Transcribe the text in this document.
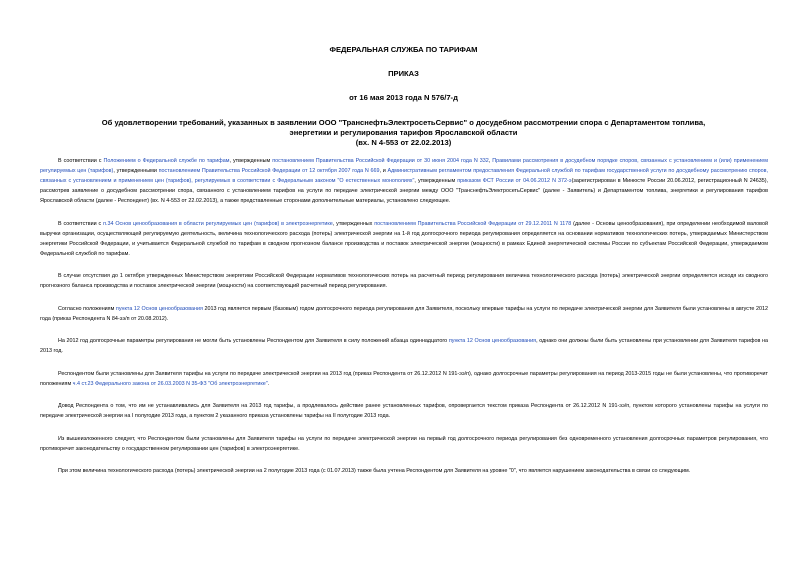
ФЕДЕРАЛЬНАЯ СЛУЖБА ПО ТАРИФАМ
ПРИКАЗ
от 16 мая 2013 года N 576/7-д
Об удовлетворении требований, указанных в заявлении ООО "ТранснефтьЭлектросетьСервис" о досудебном рассмотрении спора с Департаментом топлива,
энергетики и регулирования тарифов Ярославской области
(вх. N 4-553 от 22.02.2013)

В соответствии с Положением о Федеральной службе по тарифам, утвержденным постановлением Правительства Российской Федерации от 30 июня 2004 года N 332, Правилами рассмотрения в досудебном порядке споров, связанных с установлением и (или) применением регулируемых цен (тарифов), утвержденными постановлением Правительства Российской Федерации от 12 октября 2007 года N 669, и Административным регламентом предоставления Федеральной службой по тарифам государственной услуги по досудебному рассмотрению споров, связанных с установлением и применением цен (тарифов), регулируемых в соответствии с Федеральным законом "О естественных монополиях", утвержденным приказом ФСТ России от 04.06.2012 N 372-э(зарегистрирован в Минюсте России 20.06.2012, регистрационный N 24635), рассмотрев заявление о досудебном рассмотрении спора, связанного с установлением тарифов на услуги по передаче электрической энергии между ООО "ТранснефтьЭлектросетьСервис" (далее - Заявитель) и Департаментом топлива, энергетики и регулирования тарифов Ярославской области (далее - Респондент) (вх. N 4-553 от 22.02.2013), а также представленные сторонами дополнительные материалы, установлено следующее.

В соответствии с п.34 Основ ценообразования в области регулируемых цен (тарифов) в электроэнергетике, утвержденных постановлением Правительства Российской Федерации от 29.12.2011 N 1178 (далее - Основы ценообразования), при определении необходимой валовой выручки организации, осуществляющей регулируемую деятельность, величина технологического расхода (потерь) электрической энергии на 1-й год долгосрочного периода регулирования определяется на основании нормативов технологических потерь, утверждаемых Министерством энергетики Российской Федерации, и учитывается Федеральной службой по тарифам в сводном прогнозном балансе производства и поставок электрической энергии (мощности) в рамках Единой энергетической системы России по субъектам Российской Федерации, утверждаемом Федеральной службой по тарифам.

В случае отсутствия до 1 октября утвержденных Министерством энергетики Российской Федерации нормативов технологических потерь на расчетный период регулирования величина технологического расхода (потерь) электрической энергии определяется исходя из сводного прогнозного баланса производства и поставок электрической энергии (мощности) на соответствующий расчетный период регулирования.

Согласно положениям пункта 12 Основ ценообразования 2013 год является первым (базовым) годом долгосрочного периода регулирования для Заявителя, поскольку впервые тарифы на услуги по передаче электрической энергии для Заявителя были установлены в августе 2012 года (приказ Респондента N 84-ээ/п от 20.08.2012).

На 2012 год долгосрочные параметры регулирования не могли быть установлены Респондентом для Заявителя в силу положений абзаца одиннадцатого пункта 12 Основ ценообразования, однако они должны были быть установлены при установлении для Заявителя тарифов на 2013 год.

Респондентом были установлены для Заявителя тарифы на услуги по передаче электрической энергии на 2013 год (приказ Респондента от 26.12.2012 N 191-ээ/п), однако долгосрочные параметры регулирования на период 2013-2015 годы не были установлены, что противоречит положениям ч.4 ст.23 Федерального закона от 26.03.2003 N 35-ФЗ "Об электроэнергетике".

Довод Респондента о том, что им не устанавливались для Заявителя на 2013 год тарифы, а продлевалось действие ранее установленных тарифов, опровергается текстом приказа Респондента от 26.12.2012 N 191-ээ/п, пунктом которого установлены тарифы на услуги по передаче электрической энергии на I полугодие 2013 года, а пунктом 2 указанного приказа установлены тарифы на II полугодие 2013 года.

Из вышеизложенного следует, что Респондентом были установлены для Заявителя тарифы на услуги по передаче электрической энергии на первый год долгосрочного периода регулирования без одновременного установления долгосрочных параметров регулирования, что противоречит законодательству о государственном регулировании цен (тарифов) в электроэнергетике.

При этом величина технологического расхода (потерь) электрической энергии на 2 полугодие 2013 года (с 01.07.2013) также была учтена Респондентом для Заявителя на уровне "0", что является нарушением законодательства в связи со следующим.
